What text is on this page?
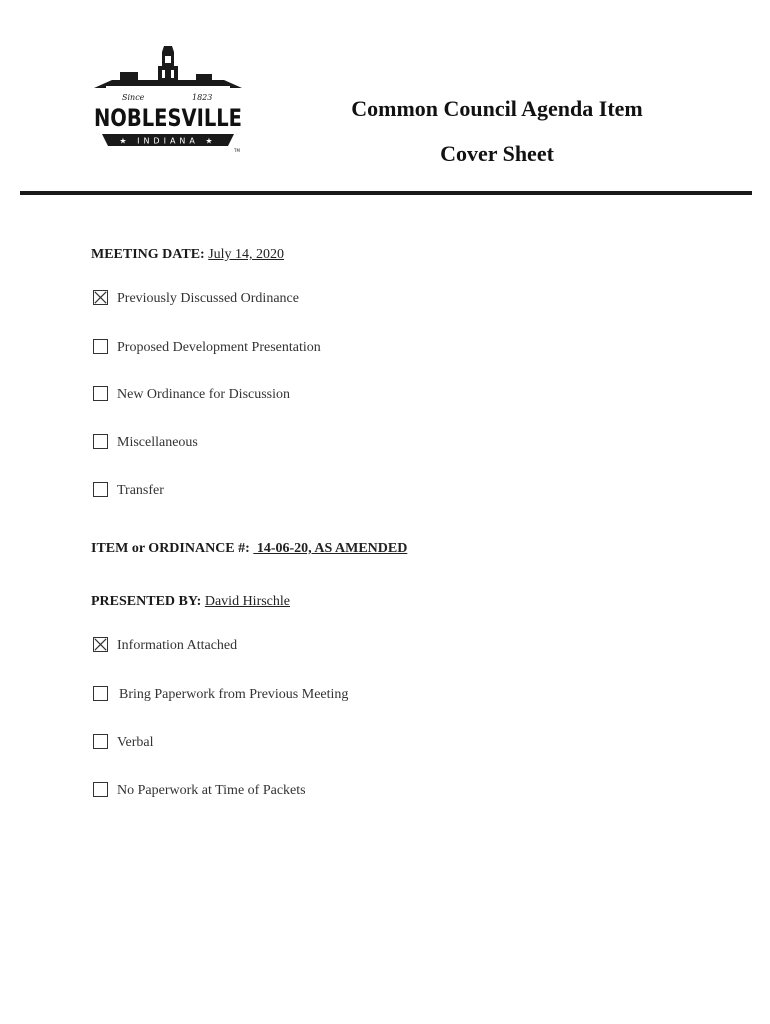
Since	1823
NOBLESVILLE
★ INDIANA ★
TM
Common Council Agenda Item
Cover Sheet
MEETING DATE: July 14, 2020
Previously Discussed Ordinance
Proposed Development Presentation
New Ordinance for Discussion
Miscellaneous
Transfer
ITEM or ORDINANCE #:  14-06-20, AS AMENDED
PRESENTED BY: David Hirschle
Information Attached
Bring Paperwork from Previous Meeting
Verbal
No Paperwork at Time of Packets
